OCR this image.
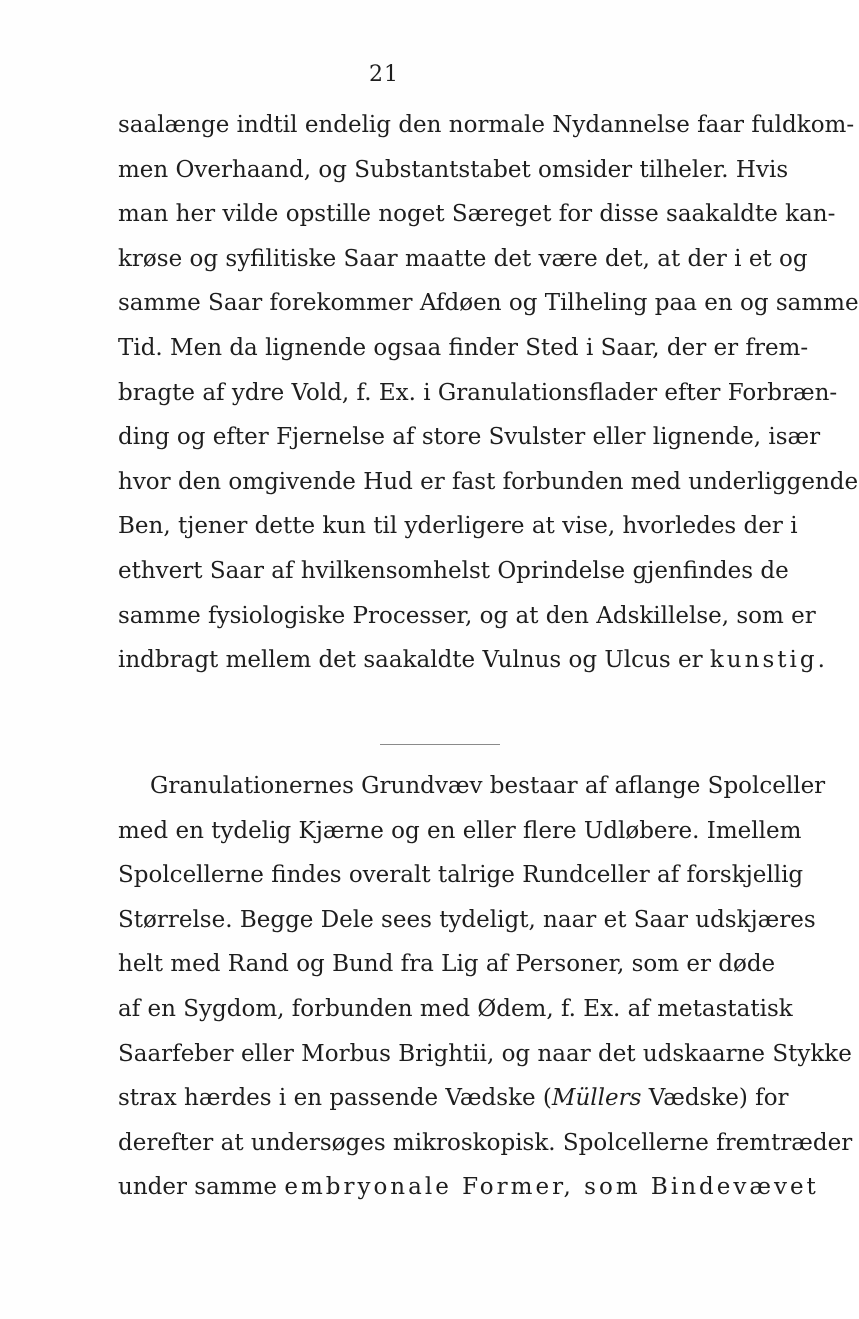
21
saalænge indtil endelig den normale Nydannelse faar fuldkom-
men Overhaand, og Substantstabet omsider tilheler. Hvis
man her vilde opstille noget Særeget for disse saakaldte kan-
krøse og syfilitiske Saar maatte det være det, at der i et og
samme Saar forekommer Afdøen og Tilheling paa en og samme
Tid. Men da lignende ogsaa finder Sted i Saar, der er frem-
bragte af ydre Vold, f. Ex. i Granulationsflader efter Forbræn-
ding og efter Fjernelse af store Svulster eller lignende, især
hvor den omgivende Hud er fast forbunden med underliggende
Ben, tjener dette kun til yderligere at vise, hvorledes der i
ethvert Saar af hvilkensomhelst Oprindelse gjenfindes de
samme fysiologiske Processer, og at den Adskillelse, som er
indbragt mellem det saakaldte Vulnus og Ulcus er kunstig.
Granulationernes Grundvæv bestaar af aflange Spolceller
med en tydelig Kjærne og en eller flere Udløbere. Imellem
Spolcellerne findes overalt talrige Rundceller af forskjellig
Størrelse. Begge Dele sees tydeligt, naar et Saar udskjæres
helt med Rand og Bund fra Lig af Personer, som er døde
af en Sygdom, forbunden med Ødem, f. Ex. af metastatisk
Saarfeber eller Morbus Brightii, og naar det udskaarne Stykke
strax hærdes i en passende Vædske (Müllers Vædske) for
derefter at undersøges mikroskopisk. Spolcellerne fremtræder
under samme embryonale Former, som Bindevævet
